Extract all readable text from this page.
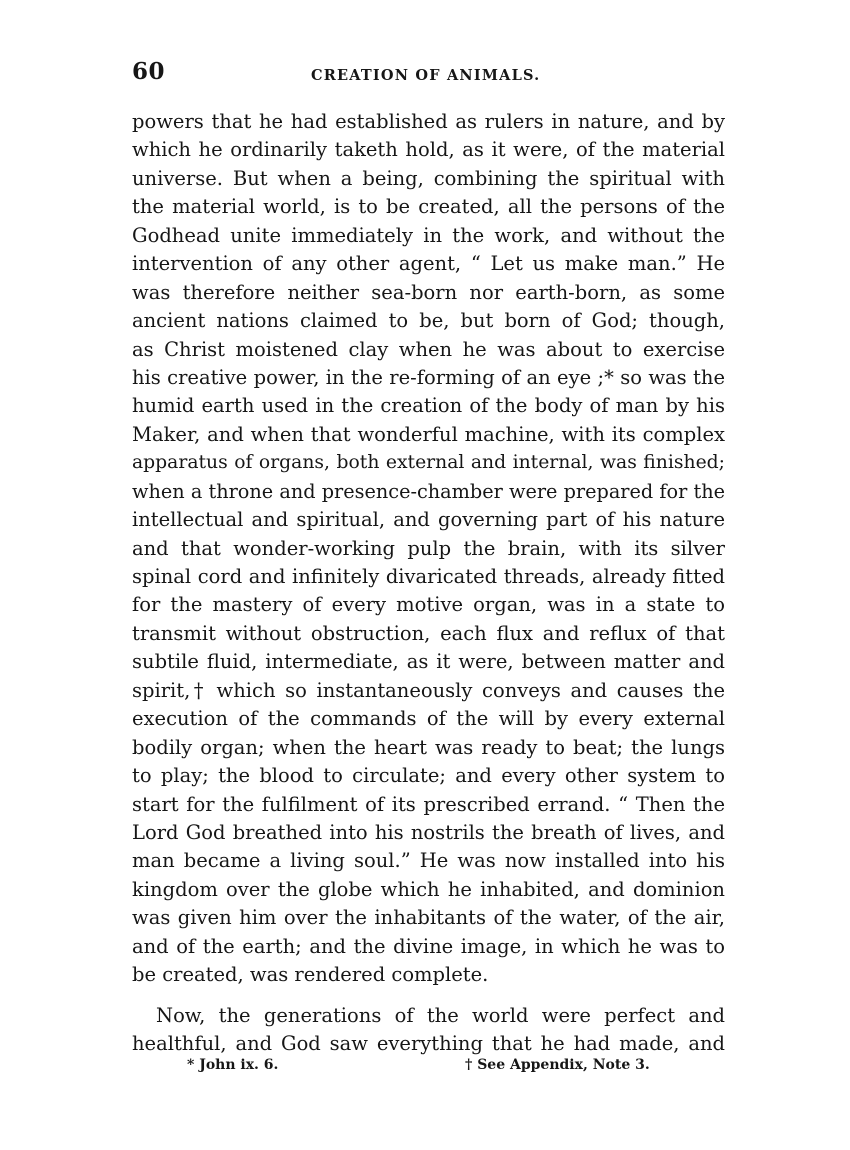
60	CREATION OF ANIMALS.
powers that he had established as rulers in nature, and by
which he ordinarily taketh hold, as it were, of the material
universe. But when a being, combining the spiritual with
the material world, is to be created, all the persons of the
Godhead unite immediately in the work, and without the
intervention of any other agent, “ Let us make man.” He
was therefore neither sea-born nor earth-born, as some
ancient nations claimed to be, but born of God; though,
as Christ moistened clay when he was about to exercise
his creative power, in the re-forming of an eye ;* so was the
humid earth used in the creation of the body of man by his
Maker, and when that wonderful machine, with its complex
apparatus of organs, both external and internal, was finished;
when a throne and presence-chamber were prepared for the
intellectual and spiritual, and governing part of his nature
and that wonder-working pulp the brain, with its silver
spinal cord and infinitely divaricated threads, already fitted
for the mastery of every motive organ, was in a state to
transmit without obstruction, each flux and reflux of that
subtile fluid, intermediate, as it were, between matter and
spirit,† which so instantaneously conveys and causes the
execution of the commands of the will by every external
bodily organ; when the heart was ready to beat; the lungs
to play; the blood to circulate; and every other system to
start for the fulfilment of its prescribed errand. “ Then the
Lord God breathed into his nostrils the breath of lives, and
man became a living soul.” He was now installed into his
kingdom over the globe which he inhabited, and dominion
was given him over the inhabitants of the water, of the air,
and of the earth; and the divine image, in which he was to
be created, was rendered complete.
Now, the generations of the world were perfect and
healthful, and God saw everything that he had made, and
* John ix. 6.	† See Appendix, Note 3.
